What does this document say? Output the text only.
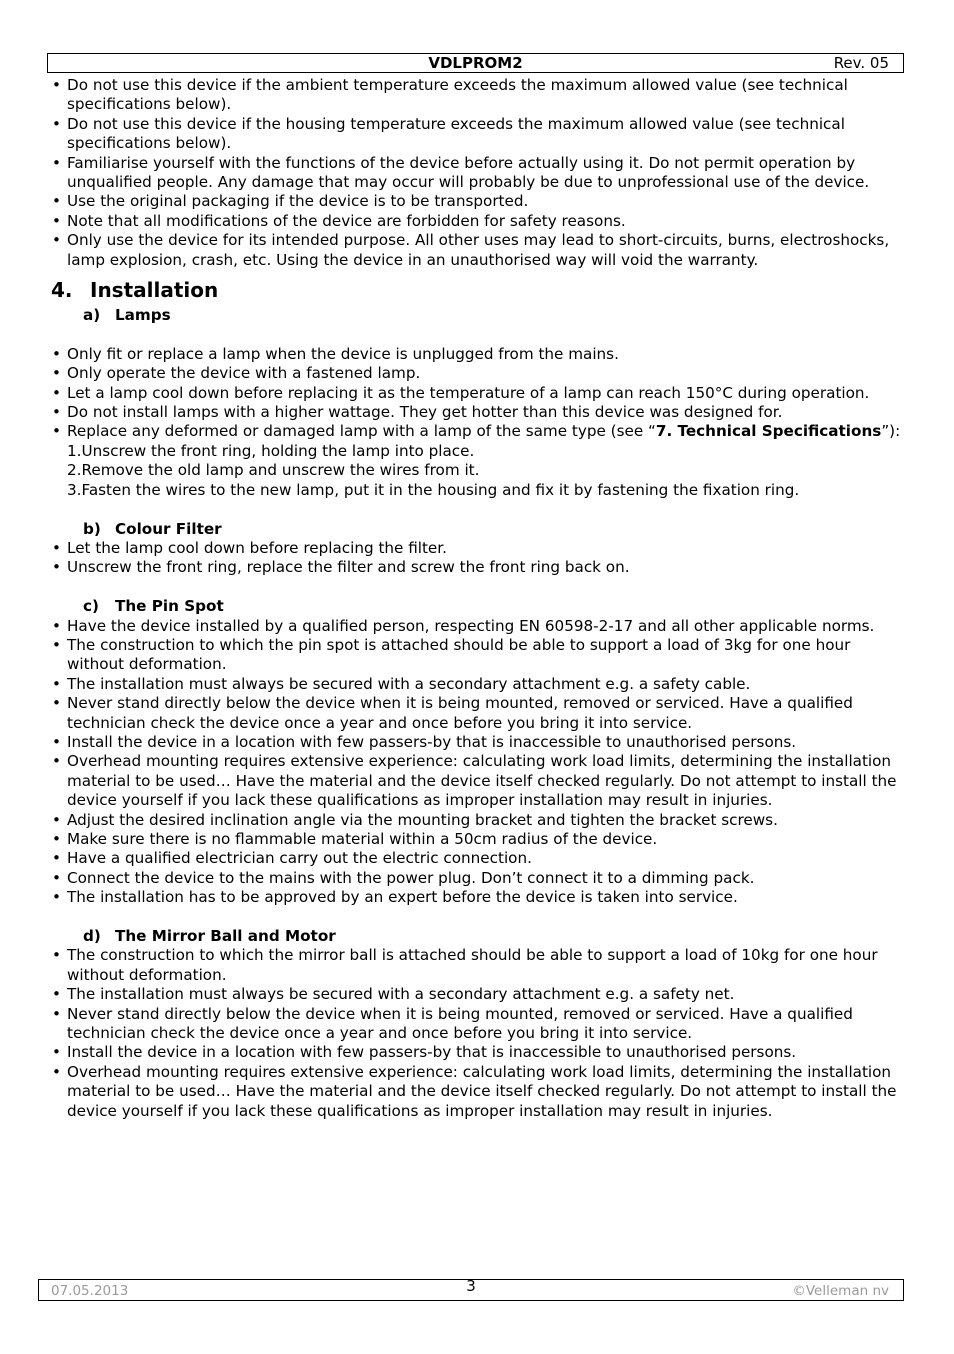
VDLPROM2	Rev. 05
• Do not use this device if the ambient temperature exceeds the maximum allowed value (see technical specifications below).
• Do not use this device if the housing temperature exceeds the maximum allowed value (see technical specifications below).
• Familiarise yourself with the functions of the device before actually using it. Do not permit operation by unqualified people. Any damage that may occur will probably be due to unprofessional use of the device.
• Use the original packaging if the device is to be transported.
• Note that all modifications of the device are forbidden for safety reasons.
• Only use the device for its intended purpose. All other uses may lead to short-circuits, burns, electroshocks, lamp explosion, crash, etc. Using the device in an unauthorised way will void the warranty.
4. Installation
a) Lamps
• Only fit or replace a lamp when the device is unplugged from the mains.
• Only operate the device with a fastened lamp.
• Let a lamp cool down before replacing it as the temperature of a lamp can reach 150°C during operation.
• Do not install lamps with a higher wattage. They get hotter than this device was designed for.
• Replace any deformed or damaged lamp with a lamp of the same type (see “7. Technical Specifications”):
1.Unscrew the front ring, holding the lamp into place.
2.Remove the old lamp and unscrew the wires from it.
3.Fasten the wires to the new lamp, put it in the housing and fix it by fastening the fixation ring.
b) Colour Filter
• Let the lamp cool down before replacing the filter.
• Unscrew the front ring, replace the filter and screw the front ring back on.
c) The Pin Spot
• Have the device installed by a qualified person, respecting EN 60598-2-17 and all other applicable norms.
• The construction to which the pin spot is attached should be able to support a load of 3kg for one hour without deformation.
• The installation must always be secured with a secondary attachment e.g. a safety cable.
• Never stand directly below the device when it is being mounted, removed or serviced. Have a qualified technician check the device once a year and once before you bring it into service.
• Install the device in a location with few passers-by that is inaccessible to unauthorised persons.
• Overhead mounting requires extensive experience: calculating work load limits, determining the installation material to be used… Have the material and the device itself checked regularly. Do not attempt to install the device yourself if you lack these qualifications as improper installation may result in injuries.
• Adjust the desired inclination angle via the mounting bracket and tighten the bracket screws.
• Make sure there is no flammable material within a 50cm radius of the device.
• Have a qualified electrician carry out the electric connection.
• Connect the device to the mains with the power plug. Don’t connect it to a dimming pack.
• The installation has to be approved by an expert before the device is taken into service.
d) The Mirror Ball and Motor
• The construction to which the mirror ball is attached should be able to support a load of 10kg for one hour without deformation.
• The installation must always be secured with a secondary attachment e.g. a safety net.
• Never stand directly below the device when it is being mounted, removed or serviced. Have a qualified technician check the device once a year and once before you bring it into service.
• Install the device in a location with few passers-by that is inaccessible to unauthorised persons.
• Overhead mounting requires extensive experience: calculating work load limits, determining the installation material to be used… Have the material and the device itself checked regularly. Do not attempt to install the device yourself if you lack these qualifications as improper installation may result in injuries.
07.05.2013	3	©Velleman nv
